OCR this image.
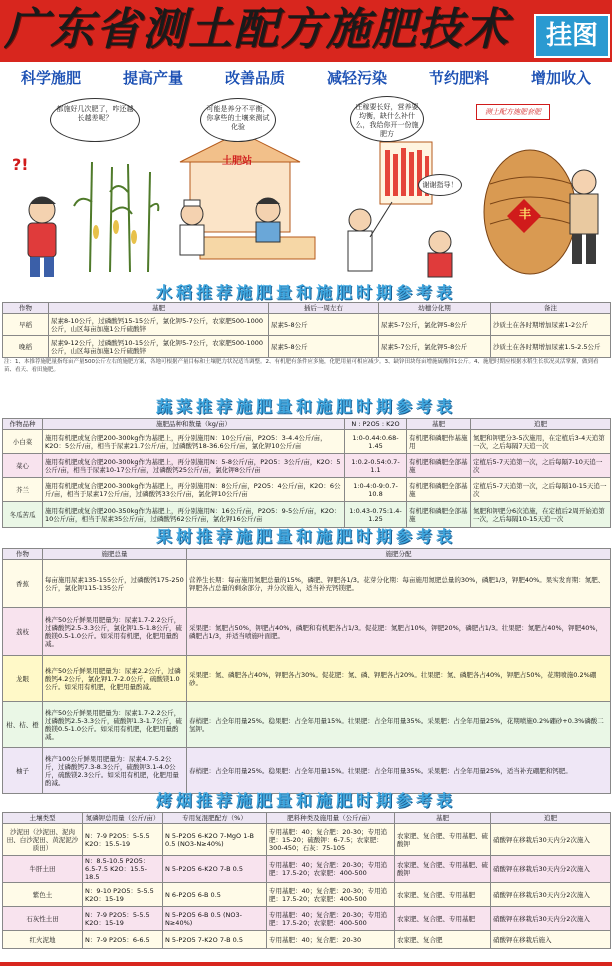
广东省测土配方施肥技术	挂图
科学施肥	提高产量	改善品质	减轻污染	节约肥料	增加收入
?!
都施好几次肥了，咋还越长越差呢？
可能是养分不平衡，你拿些的土壤来测试化验
土肥站
庄稼要长好，营养要均衡，缺什么补什么，我给你开一份施肥方
谢谢指导！
测土配方施肥套肥
丰
水稻推荐施肥量和施肥时期参考表
作物	基肥	插后一周左右	幼穗分化期	备注
早稻	尿素8-10公斤，过磷酸钙15-15公斤，氯化钾5-7公斤，农家肥500-1000公斤，山区每亩加施1公斤硫酸锌	尿素5-8公斤	尿素5-7公斤，氯化钾5-8公斤	沙质土在各时期增加尿素1-2公斤
晚稻	尿素9-12公斤，过磷酸钙10-15公斤，氯化钾5-7公斤，农家肥500-1000公斤，山区每亩加施1公斤硫酸锌	尿素5-8公斤	尿素5-7公斤，氯化钾5-8公斤	沙质土在各时期增加尿素1.5-2.5公斤
注：1、本推荐施肥量指每亩产量500公斤左右的施肥方案，各地可根据产量目标和土壤肥力状况适当调整。2、有机肥有条件应多施，化肥用量可相应减少。3、缺锌田块每亩增施硫酸锌1公斤。4、施肥时期应根据水稻生长状况灵活掌握，做到看苗、看天、看田施肥。
蔬菜推荐施肥量和施肥时期参考表
作物品种	施肥品种和数量（kg/亩）	N : P2O5 : K2O	基肥	追肥
小白菜	施用有机肥或复合肥200-300kg作为基肥上，再分别施用N：10公斤/亩，P2O5：3-4.4公斤/亩，K2O：5公斤/亩，相当于尿素21.7公斤/亩，过磷酸钙18-36.6公斤/亩，氯化钾10公斤/亩	1:0-0.44:0.68-1.45	有机肥和磷肥作基施用	氮肥和钾肥分3-5次施用，在定植后3-4天追第一次，之后每隔7天追一次
菜心	施用有机肥或复合肥200-300kg作为基肥上，再分别施用N：5-8公斤/亩，P2O5：3公斤/亩，K2O：5公斤/亩，相当于尿素10-17公斤/亩，过磷酸钙25公斤/亩，氯化钾8公斤/亩	1:0.2-0.54:0.7-1.1	有机肥和磷肥全部基施	定植后5-7天追第一次，之后每隔7-10天追一次
芥兰	施用有机肥或复合肥200-300kg作为基肥上，再分别施用N：8公斤/亩，P2O5：4公斤/亩，K2O：6公斤/亩，相当于尿素17公斤/亩，过磷酸钙33公斤/亩，氯化钾10公斤/亩	1:0-4:0-9:0.7-10.8	有机肥和磷肥全部基施	定植后5-7天追第一次，之后每隔10-15天追一次
冬瓜苦瓜	施用有机肥或复合肥200-350kg作为基肥上，再分别施用N：16公斤/亩，P2O5：9-5公斤/亩，K2O：10公斤/亩，相当于尿素35公斤/亩，过磷酸钙62公斤/亩，氯化钾16公斤/亩	1:0.43-0.75:1.4-1.25	有机肥和磷肥全部基施	氮肥和钾肥分6次追施，在定植后2周开始追第一次，之后每隔10-15天追一次
果树推荐施肥量和施肥时期参考表
作物	施肥总量	施肥分配
香蕉	每亩施用尿素135-155公斤，过磷酸钙175-250公斤，氯化钾115-135公斤	营养生长期：每亩施用氮肥总量的15%，磷肥、钾肥各1/3。花芽分化期：每亩施用氮肥总量的30%，磷肥1/3，钾肥40%。果实发育期：氮肥、钾肥各占总量的剩余部分，并分次施入，适当补充钙镁肥。
荔枝	株产50公斤鲜果用肥量为：尿素1.7-2.2公斤，过磷酸钙2.5-3.3公斤，氯化钾1.5-1.8公斤，硫酸镁0.5-1.0公斤。如采用有机肥，化肥用量酌减。	采果肥：氮肥占50%，钾肥占40%，磷肥和有机肥各占1/3。促花肥：氮肥占10%，钾肥20%，磷肥占1/3。壮果肥：氮肥占40%，钾肥40%，磷肥占1/3，并适当喷施叶面肥。
龙眼	株产50公斤鲜果用肥量为：尿素2.2公斤，过磷酸钙4.2公斤，氯化钾1.7-2.0公斤，硫酸镁1.0公斤。如采用有机肥，化肥用量酌减。	采果肥：氮、磷肥各占40%，钾肥各占30%。促花肥：氮、磷、钾肥各占20%。壮果肥：氮、磷肥各占40%，钾肥占50%，花期喷施0.2%硼砂。
柑、桔、橙	株产50公斤鲜果用肥量为：尿素1.7-2.2公斤，过磷酸钙2.5-3.3公斤，硫酸钾1.3-1.7公斤，硫酸镁0.5-1.0公斤。如采用有机肥，化肥用量酌减。	春梢肥：占全年用量25%。稳果肥：占全年用量15%。壮果肥：占全年用量35%。采果肥：占全年用量25%，花期喷施0.2%硼砂+0.3%磷酸二氢钾。
柚子	株产100公斤鲜果用肥量为：尿素4.7-5.2公斤，过磷酸钙7.3-8.3公斤，硫酸钾3.1-4.0公斤，硫酸镁2.3公斤。如采用有机肥，化肥用量酌减。	春梢肥：占全年用量25%。稳果肥：占全年用量15%。壮果肥：占全年用量35%。采果肥：占全年用量25%，适当补充硼肥和钙肥。
烤烟推荐施肥量和施肥时期参考表
土壤类型	氮磷钾总用量（公斤/亩）	专用复混肥配方（%）	肥料种类及施用量（公斤/亩）	基肥	追肥
沙泥田（沙泥田、泥肉田、白沙泥田、黄泥泥沙质田）	N：7-9 P2O5：5-5.5 K2O：15.5-19	N 5-P2O5 6-K2O 7-MgO 1-B 0.5 (NO3-N≥40%)	专用基肥：40；复合肥：20-30；专用追肥：15-20；硫酸钾：6-7.5；农家肥：300-450；石灰：75-105	农家肥、复合肥、专用基肥、硫酸钾	硝酸钾在移栽后30天内分2次施入
牛肝土田	N：8.5-10.5 P2O5：6.5-7.5 K2O：15.5-18.5	N 5-P2O5 6-K2O 7-B 0.5	专用基肥：40；复合肥：20-30；专用追肥：17.5-20；农家肥：400-500	农家肥、复合肥、专用基肥、硫酸钾	硝酸钾在移栽后30天内分2次施入
紫色土	N：9-10 P2O5：5-5.5 K2O：15-19	N 6-P2O5 6-B 0.5	专用基肥：40；复合肥：20-30；专用追肥：17.5-20；农家肥：400-500	农家肥、复合肥、专用基肥	硝酸钾在移栽后30天内分2次施入
石灰性土田	N：7-9 P2O5：5-5.5 K2O：15-19	N 5-P2O5 6-B 0.5 (NO3-N≥40%)	专用基肥：40；复合肥：20-30；专用追肥：17.5-20；农家肥：400-500	农家肥、复合肥、专用基肥	硝酸钾在移栽后30天内分2次施入
红火泥地	N：7-9 P2O5：6-6.5	N 5-P2O5 7-K2O 7-B 0.5	专用基肥：40；复合肥：20-30	农家肥、复合肥	硝酸钾在移栽后施入
